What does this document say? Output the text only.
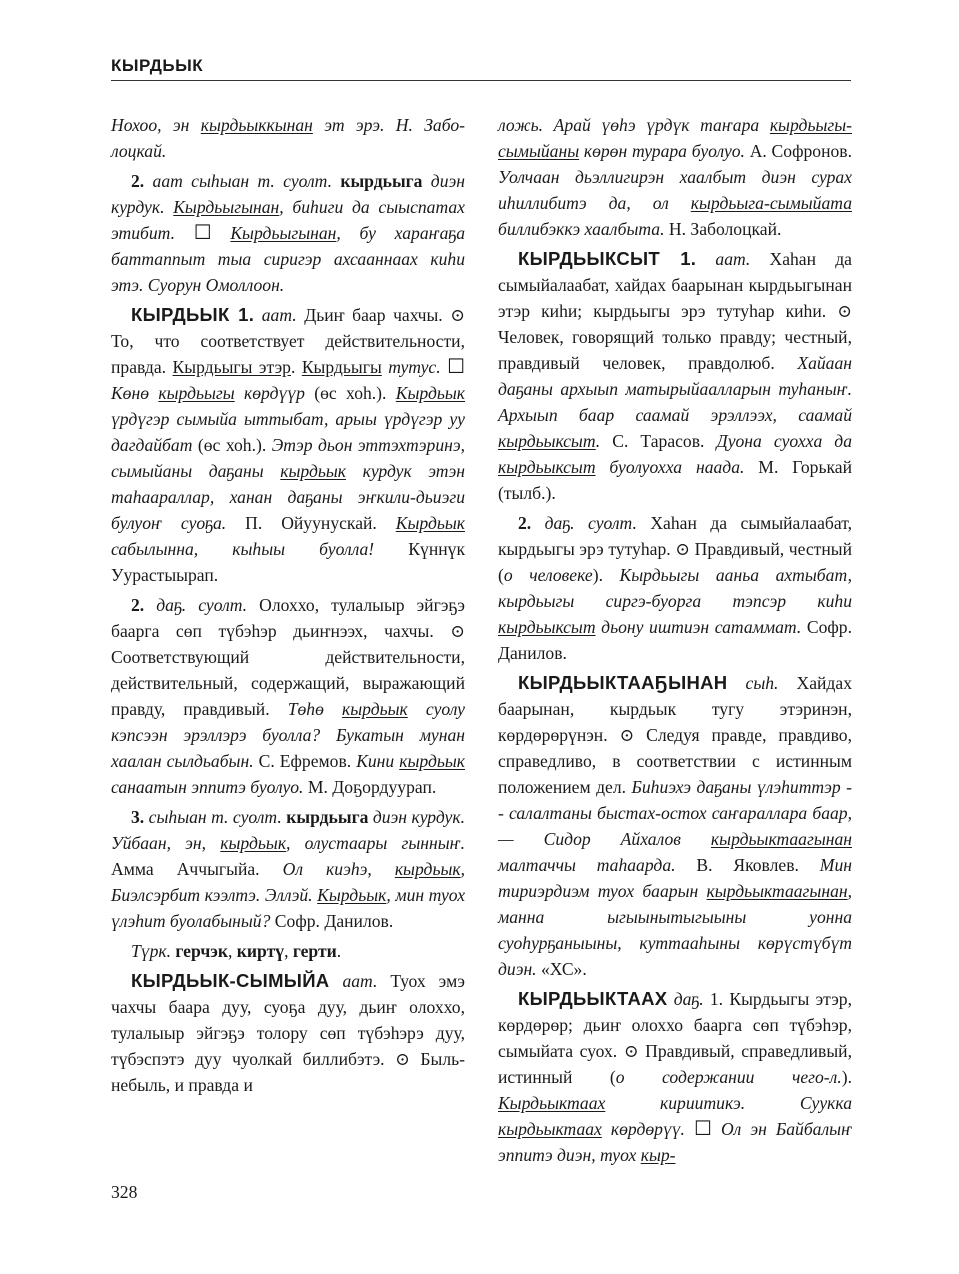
КЫРДЬЫК

Нохоо, эн кырдьыккынан эт эрэ. Н. Заболоцкай.

2. аат сыһыан т. суолт. кырдьыга диэн курдук. Кырдьыгынан, биһиги да сыыспатах этибит. ☐ Кырдьыгынан, бу хараҥаҕа баттаппыт тыа сиригэр ахсааннаах киһи этэ. Суорун Омоллоон.

КЫРДЬЫК 1. аат. Дьиҥ баар чахчы. ⊙ То, что соответствует действительности, правда. Кырдьыгы этэр. Кырдьыгы тутус. ☐ Көнө кырдьыгы көрдүүр (өс хоһ.). Кырдьык үрдүгэр сымыйа ыттыбат, арыы үрдүгэр уу дагдайбат (өс хоһ.). Этэр дьон эттэхтэринэ, сымыйаны даҕаны кырдьык курдук этэн таһаараллар, ханан даҕаны эҥкили-дьиэги булуоҥ суоҕа. П. Ойуунускай. Кырдьык сабылынна, кыһыы буолла! Күннүк Уурастыырап.

2. даҕ. суолт. Олоххо, тулалыыр эйгэҕэ бааргa сөп түбэһэр дьиҥнээх, чахчы. ⊙ Соответствующий действительности, действительный, содержащий, выражающий правду, правдивый. Төһө кырдьык суолу кэпсээн эрэллэрэ буолла? Букатын мунан хаалан сылдьабын. С. Ефремов. Кини кырдьык санаатын эппитэ буолуо. М. Доҕордуурап.

3. сыһыан т. суолт. кырдьыга диэн курдук. Уйбаан, эн, кырдьык, олустаары гынныҥ. Амма Аччыгыйа. Ол киэһэ, кырдьык, Биэлсэрбит кээлтэ. Эллэй. Кырдьык, мин туох үлэһит буолабыный? Софр. Данилов.

Түрк. герчэк, киртү, герти.

КЫРДЬЫК-СЫМЫЙА аат. Туох эмэ чахчы баара дуу, суоҕа дуу, дьиҥ олоххо, тулалыыр эйгэҕэ толору сөп түбэһэрэ дуу, түбэспэтэ дуу чуолкай биллибэтэ. ⊙ Быль-небыль, и правда и

ложь. Арай үөһэ үрдүк таҥара кырдьыгы-сымыйаны көрөн турара буолуо. А. Софронов. Уолчаан дьэллигирэн хаалбыт диэн сурах иһиллибитэ да, ол кырдьыга-сымыйата биллибэккэ хаалбыта. Н. Заболоцкай.

КЫРДЬЫКСЫТ 1. аат. Хаһан да сымыйалаабат, хайдах баарынан кырдьыгынан этэр киһи; кырдьыгы эрэ тутуһар киһи. ⊙ Человек, говорящий только правду; честный, правдивый человек, правдолюб. Хайаан даҕаны архыып матырыйаалларын туһаныҥ. Архыып баар саамай эрэллээх, саамай кырдьыксыт. С. Тарасов. Дуона суоххa да кырдьыксыт буолуохха наада. М. Горькай (тылб.).

2. даҕ. суолт. Хаһан да сымыйалаабат, кырдьыгы эрэ тутуһар. ⊙ Правдивый, честный (о человеке). Кырдьыгы ааньа ахтыбат, кырдьыгы сиргэ-буорга тэпсэр киһи кырдьыксыт дьону иштиэн сатаммат. Софр. Данилов.

КЫРДЬЫКТААҔЫНАН сыһ. Хайдах баарынан, кырдьык тугу этэринэн, көрдөрөрүнэн. ⊙ Следуя правде, правдиво, справедливо, в соответствии с истинным положением дел. Биһиэхэ даҕаны үлэһиттэр -- салалтаны быстах-остох саҥараллара баар, — Сидор Айхалов кырдьыктаагынан малтаччы таһаарда. В. Яковлев. Мин тириэрдиэм туох баарын кырдьыктаагынан, манна ыгыынытыгыыны уонна суоһурҕаныыны, куттааһыны көрүстүбүт диэн. «ХС».

КЫРДЬЫКТААХ даҕ. 1. Кырдьыгы этэр, көрдөрөр; дьиҥ олоххо бааргa сөп түбэһэр, сымыйата суох. ⊙ Правдивый, справедливый, истинный (о содержании чего-л.). Кырдьыктаах кириитикэ. Суукка кырдьыктаах көрдөрүү. ☐ Ол эн Байбалыҥ эппитэ диэн, туох кыр-

328
